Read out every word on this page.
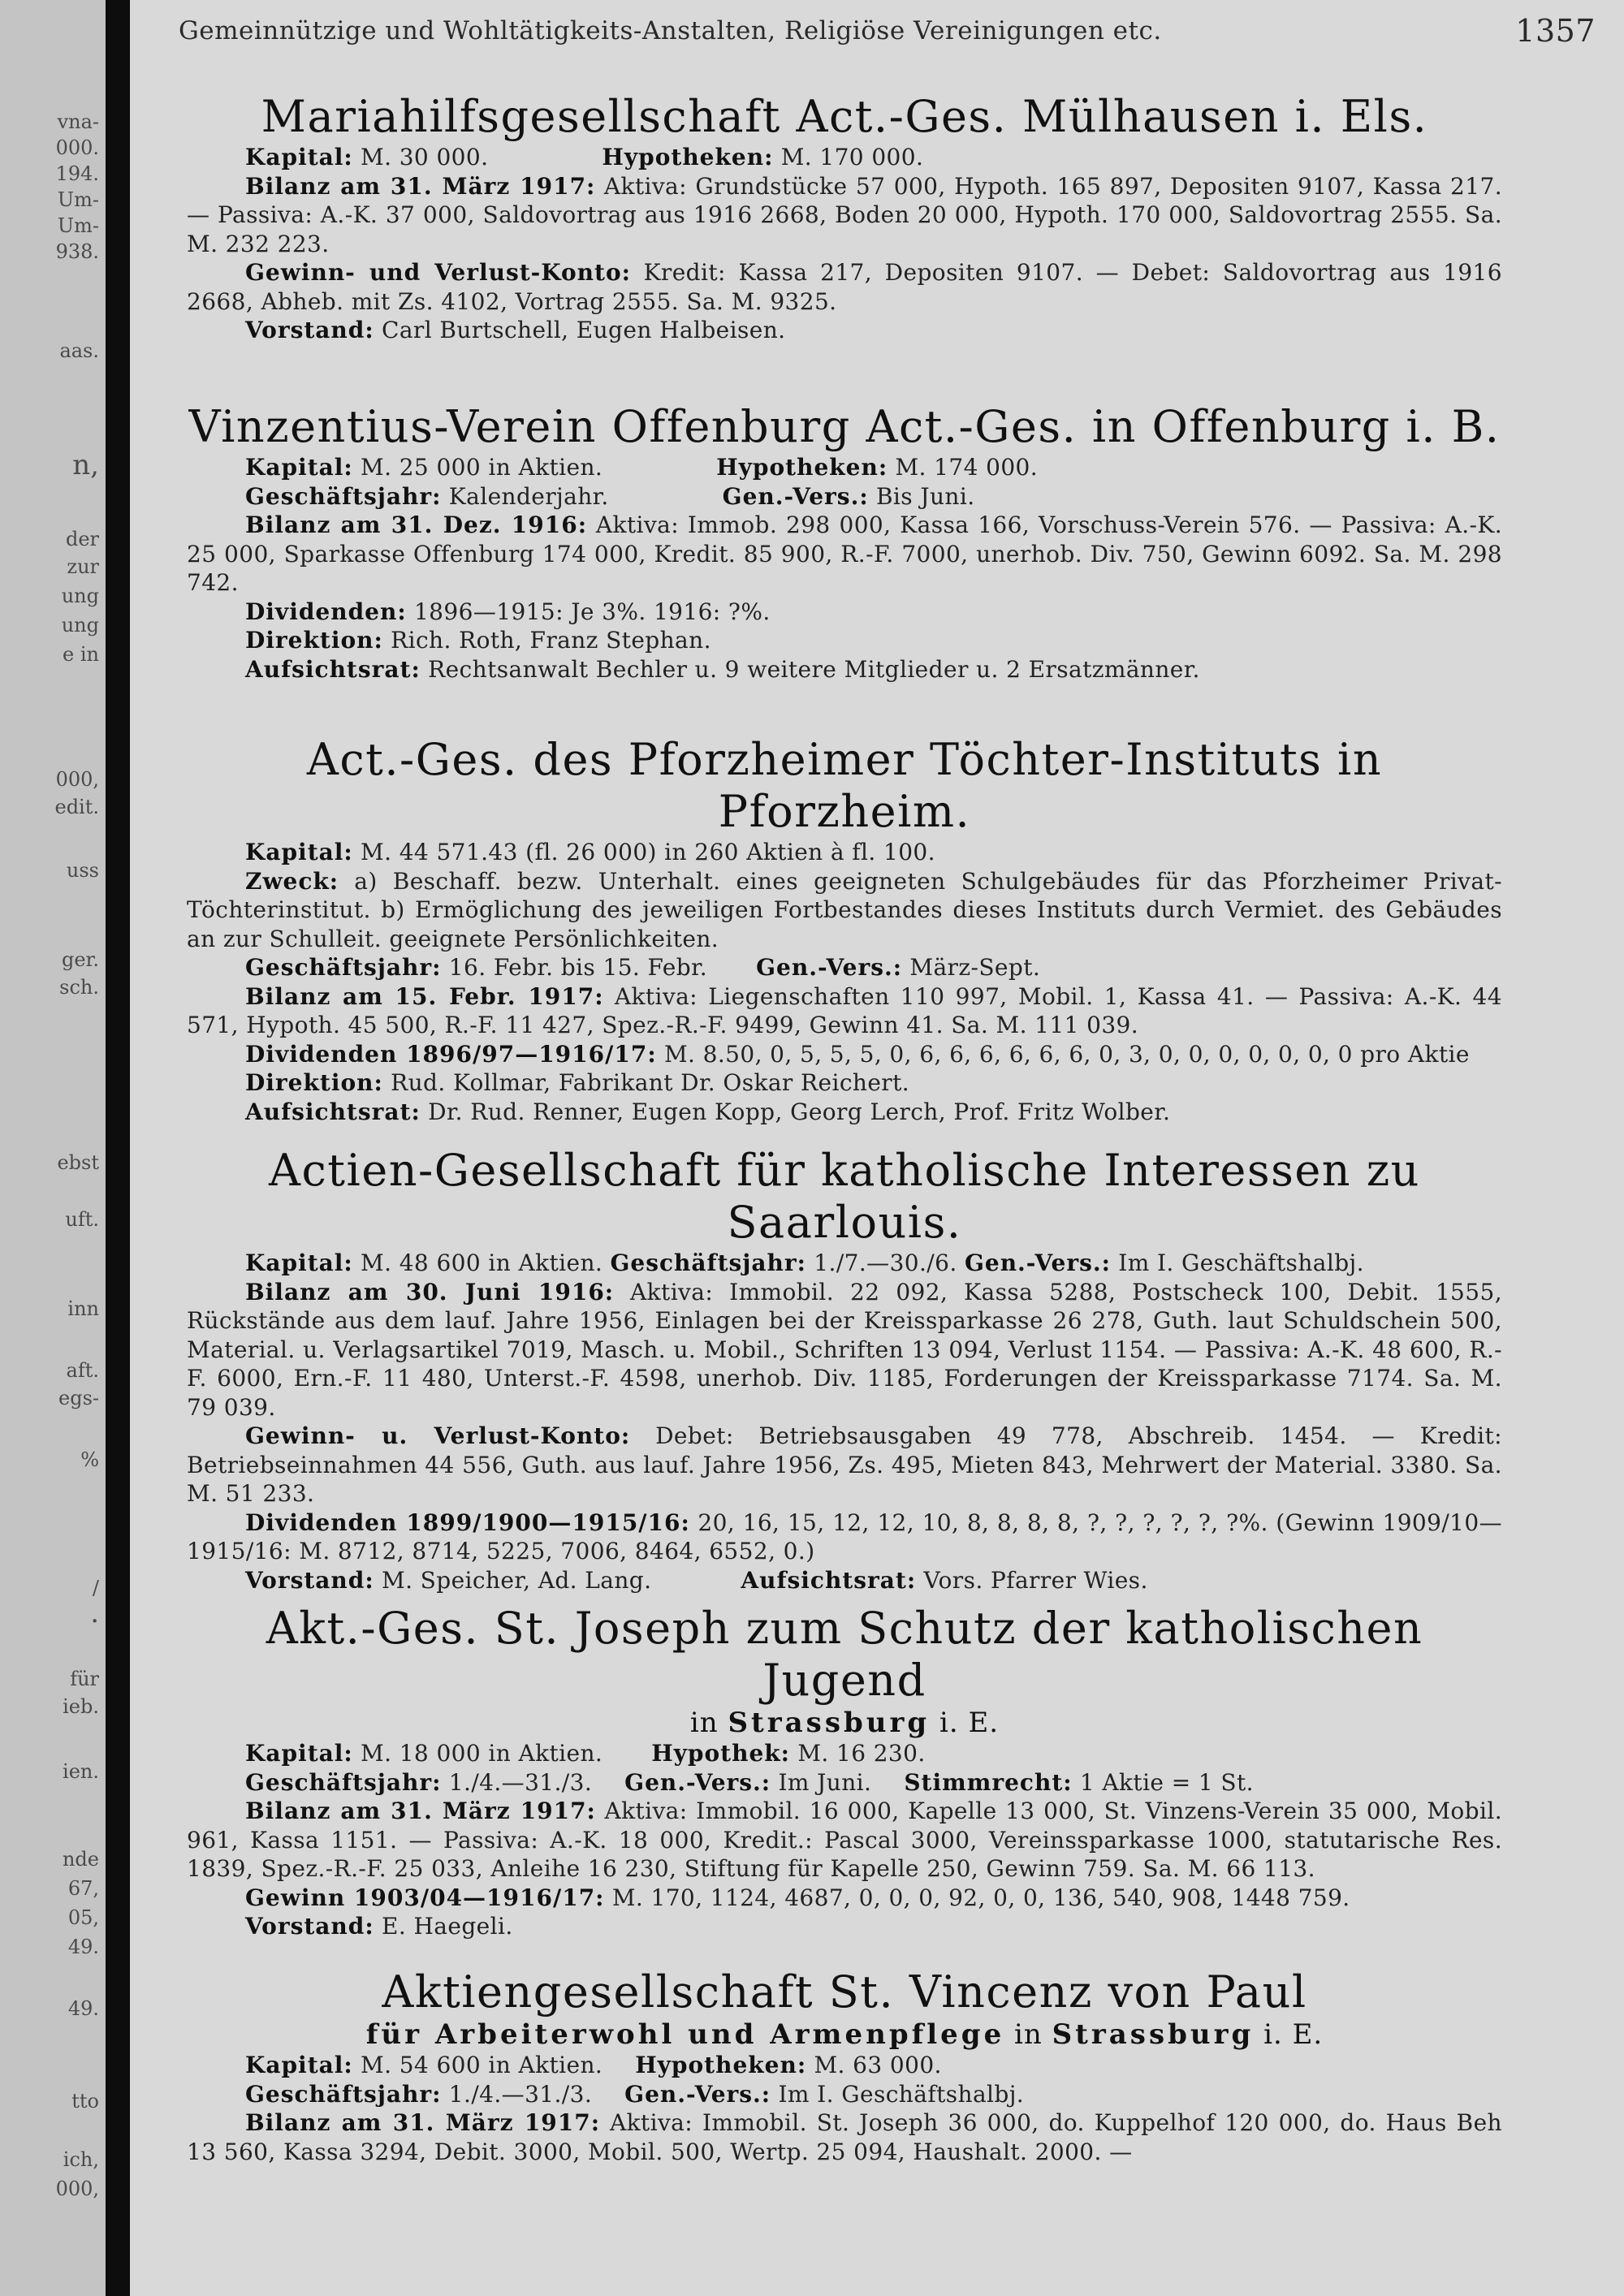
vna-
000.
194.
Um-
Um-
938.
aas.
n,
der
zur
ung
ung
e in
000,
edit.
uss
ger.
sch.
ebst
uft.
inn
aft.
egs-
%
/
.
für
ieb.
ien.
nde
67,
05,
49.
49.
tto
ich,
000,
Gemeinnützige und Wohltätigkeits-Anstalten, Religiöse Vereinigungen etc.	1357
Mariahilfsgesellschaft Act.-Ges. Mülhausen i. Els.

Kapital: M. 30 000.	Hypotheken: M. 170 000.

Bilanz am 31. März 1917: Aktiva: Grundstücke 57 000, Hypoth. 165 897, Depositen 9107, Kassa 217. — Passiva: A.-K. 37 000, Saldovortrag aus 1916 2668, Boden 20 000, Hypoth. 170 000, Saldovortrag 2555. Sa. M. 232 223.

Gewinn- und Verlust-Konto: Kredit: Kassa 217, Depositen 9107. — Debet: Saldovortrag aus 1916 2668, Abheb. mit Zs. 4102, Vortrag 2555. Sa. M. 9325.

Vorstand: Carl Burtschell, Eugen Halbeisen.

Vinzentius-Verein Offenburg Act.-Ges. in Offenburg i. B.

Kapital: M. 25 000 in Aktien.	Hypotheken: M. 174 000.

Geschäftsjahr: Kalenderjahr.	Gen.-Vers.: Bis Juni.

Bilanz am 31. Dez. 1916: Aktiva: Immob. 298 000, Kassa 166, Vorschuss-Verein 576. — Passiva: A.-K. 25 000, Sparkasse Offenburg 174 000, Kredit. 85 900, R.-F. 7000, unerhob. Div. 750, Gewinn 6092. Sa. M. 298 742.

Dividenden: 1896—1915: Je 3%. 1916: ?%.

Direktion: Rich. Roth, Franz Stephan.

Aufsichtsrat: Rechtsanwalt Bechler u. 9 weitere Mitglieder u. 2 Ersatzmänner.

Act.-Ges. des Pforzheimer Töchter-Instituts in Pforzheim.

Kapital: M. 44 571.43 (fl. 26 000) in 260 Aktien à fl. 100.

Zweck: a) Beschaff. bezw. Unterhalt. eines geeigneten Schulgebäudes für das Pforzheimer Privat-Töchterinstitut. b) Ermöglichung des jeweiligen Fortbestandes dieses Instituts durch Vermiet. des Gebäudes an zur Schulleit. geeignete Persönlichkeiten.

Geschäftsjahr: 16. Febr. bis 15. Febr. Gen.-Vers.: März-Sept.

Bilanz am 15. Febr. 1917: Aktiva: Liegenschaften 110 997, Mobil. 1, Kassa 41. — Passiva: A.-K. 44 571, Hypoth. 45 500, R.-F. 11 427, Spez.-R.-F. 9499, Gewinn 41. Sa. M. 111 039.

Dividenden 1896/97—1916/17: M. 8.50, 0, 5, 5, 5, 0, 6, 6, 6, 6, 6, 6, 0, 3, 0, 0, 0, 0, 0, 0, 0 pro Aktie

Direktion: Rud. Kollmar, Fabrikant Dr. Oskar Reichert.

Aufsichtsrat: Dr. Rud. Renner, Eugen Kopp, Georg Lerch, Prof. Fritz Wolber.

Actien-Gesellschaft für katholische Interessen zu Saarlouis.

Kapital: M. 48 600 in Aktien. Geschäftsjahr: 1./7.—30./6. Gen.-Vers.: Im I. Geschäftshalbj.

Bilanz am 30. Juni 1916: Aktiva: Immobil. 22 092, Kassa 5288, Postscheck 100, Debit. 1555, Rückstände aus dem lauf. Jahre 1956, Einlagen bei der Kreissparkasse 26 278, Guth. laut Schuldschein 500, Material. u. Verlagsartikel 7019, Masch. u. Mobil., Schriften 13 094, Verlust 1154. — Passiva: A.-K. 48 600, R.-F. 6000, Ern.-F. 11 480, Unterst.-F. 4598, unerhob. Div. 1185, Forderungen der Kreissparkasse 7174. Sa. M. 79 039.

Gewinn- u. Verlust-Konto: Debet: Betriebsausgaben 49 778, Abschreib. 1454. — Kredit: Betriebseinnahmen 44 556, Guth. aus lauf. Jahre 1956, Zs. 495, Mieten 843, Mehrwert der Material. 3380. Sa. M. 51 233.

Dividenden 1899/1900—1915/16: 20, 16, 15, 12, 12, 10, 8, 8, 8, 8, ?, ?, ?, ?, ?, ?%. (Gewinn 1909/10—1915/16: M. 8712, 8714, 5225, 7006, 8464, 6552, 0.)

Vorstand: M. Speicher, Ad. Lang.	Aufsichtsrat: Vors. Pfarrer Wies.

Akt.-Ges. St. Joseph zum Schutz der katholischen Jugend
in Strassburg i. E.

Kapital: M. 18 000 in Aktien. Hypothek: M. 16 230.

Geschäftsjahr: 1./4.—31./3. Gen.-Vers.: Im Juni. Stimmrecht: 1 Aktie = 1 St.

Bilanz am 31. März 1917: Aktiva: Immobil. 16 000, Kapelle 13 000, St. Vinzens-Verein 35 000, Mobil. 961, Kassa 1151. — Passiva: A.-K. 18 000, Kredit.: Pascal 3000, Vereinssparkasse 1000, statutarische Res. 1839, Spez.-R.-F. 25 033, Anleihe 16 230, Stiftung für Kapelle 250, Gewinn 759. Sa. M. 66 113.

Gewinn 1903/04—1916/17: M. 170, 1124, 4687, 0, 0, 0, 92, 0, 0, 136, 540, 908, 1448 759.

Vorstand: E. Haegeli.

Aktiengesellschaft St. Vincenz von Paul
für Arbeiterwohl und Armenpflege in Strassburg i. E.

Kapital: M. 54 600 in Aktien. Hypotheken: M. 63 000.

Geschäftsjahr: 1./4.—31./3. Gen.-Vers.: Im I. Geschäftshalbj.

Bilanz am 31. März 1917: Aktiva: Immobil. St. Joseph 36 000, do. Kuppelhof 120 000, do. Haus Beh 13 560, Kassa 3294, Debit. 3000, Mobil. 500, Wertp. 25 094, Haushalt. 2000. —
